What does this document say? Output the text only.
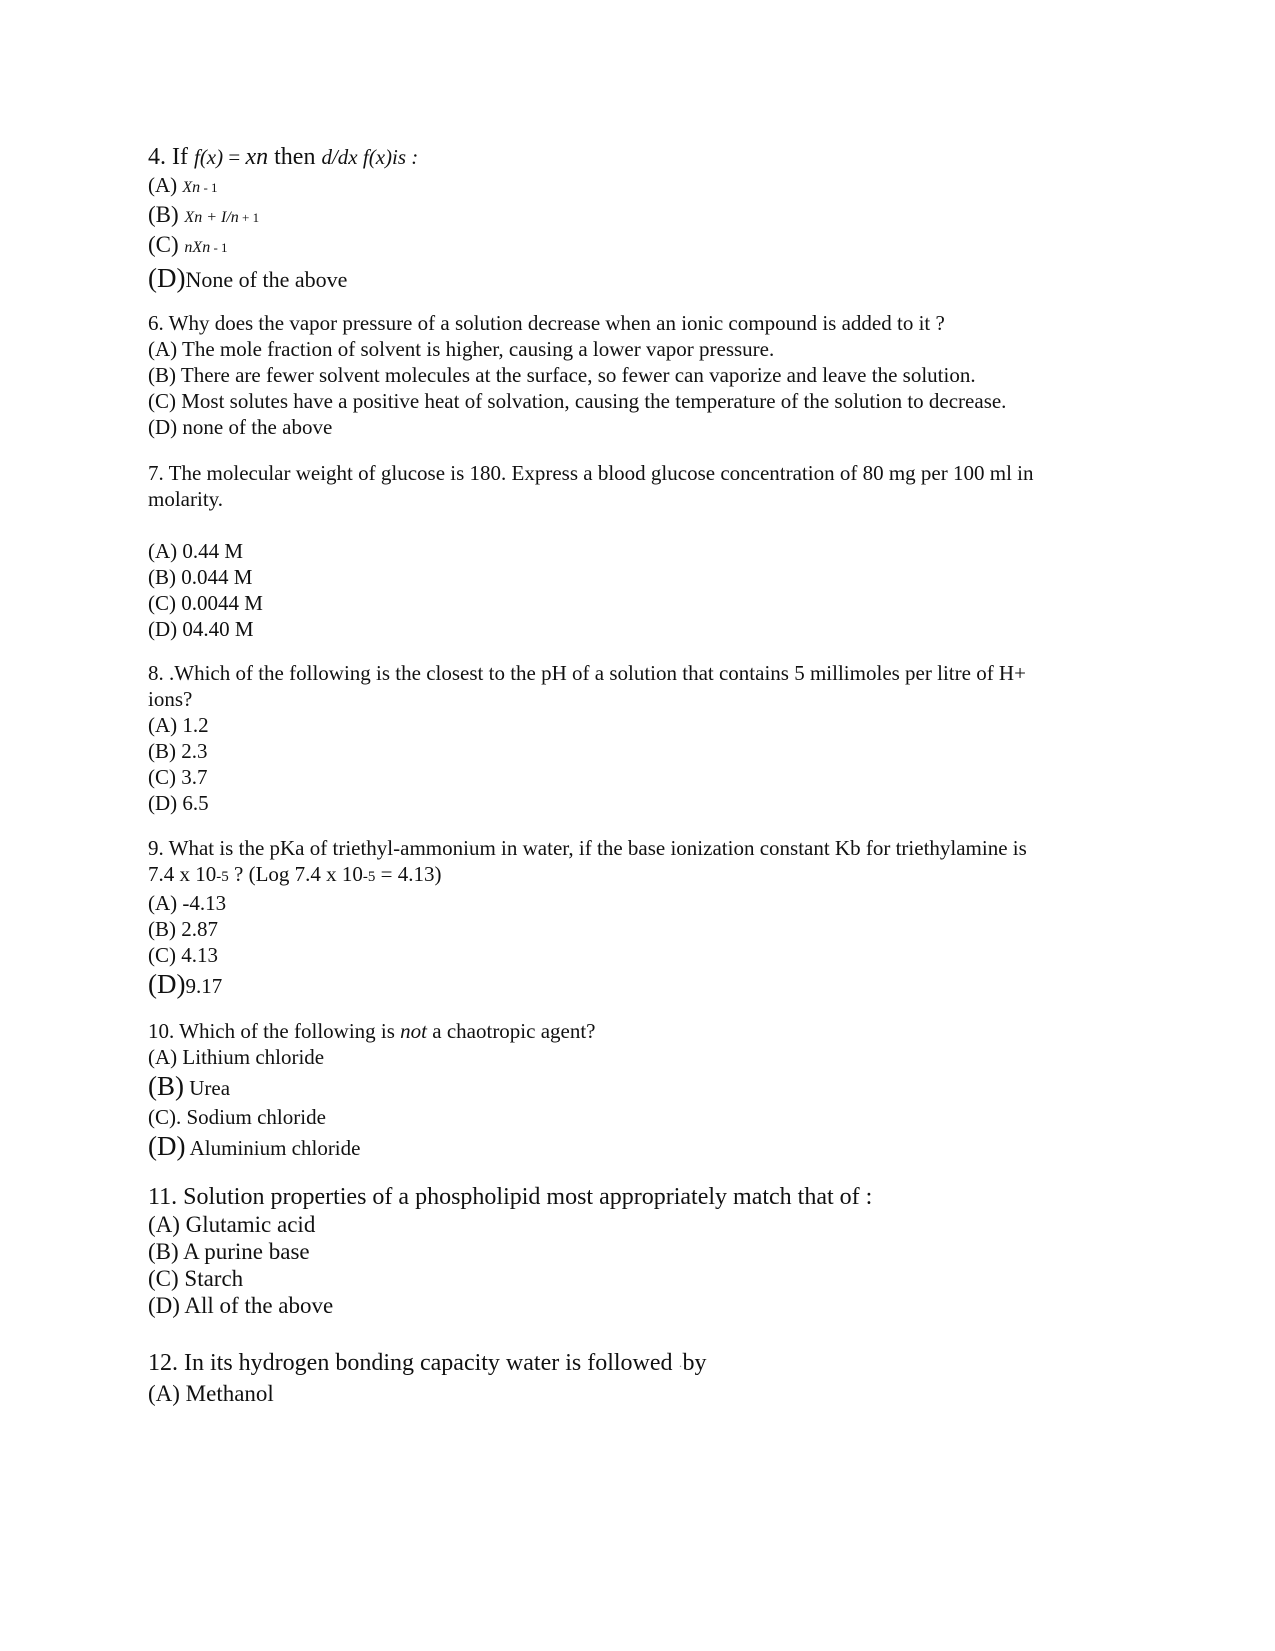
4. If f(x) = xn then d/dx f(x)is :
(A) Xn - 1
(B) Xn + I/n + 1
(C) nXn - 1
(D)None of the above
6. Why does the vapor pressure of a solution decrease when an ionic compound is added to it ?
(A) The mole fraction of solvent is higher, causing a lower vapor pressure.
(B) There are fewer solvent molecules at the surface, so fewer can vaporize and leave the solution.
(C) Most solutes have a positive heat of solvation, causing the temperature of the solution to decrease.
(D) none of the above
7. The molecular weight of glucose is 180. Express a blood glucose concentration of 80 mg per 100 ml in molarity.
(A) 0.44 M
(B) 0.044 M
(C) 0.0044 M
(D) 04.40 M
8. .Which of the following is the closest to the pH of a solution that contains 5 millimoles per litre of H+ ions?
(A) 1.2
(B) 2.3
(C) 3.7
(D) 6.5
9. What is the pKa of triethyl-ammonium in water, if the base ionization constant Kb for triethylamine is
7.4 x 10-5 ? (Log 7.4 x 10-5 = 4.13)
(A) -4.13
(B) 2.87
(C) 4.13
(D)9.17
10. Which of the following is not a chaotropic agent?
(A) Lithium chloride
(B) Urea
(C). Sodium chloride
(D) Aluminium chloride
11. Solution properties of a phospholipid most appropriately match that of :
(A) Glutamic acid
(B) A purine base
(C) Starch
(D) All of the above
12. In its hydrogen bonding capacity water is followed ·by
(A) Methanol
